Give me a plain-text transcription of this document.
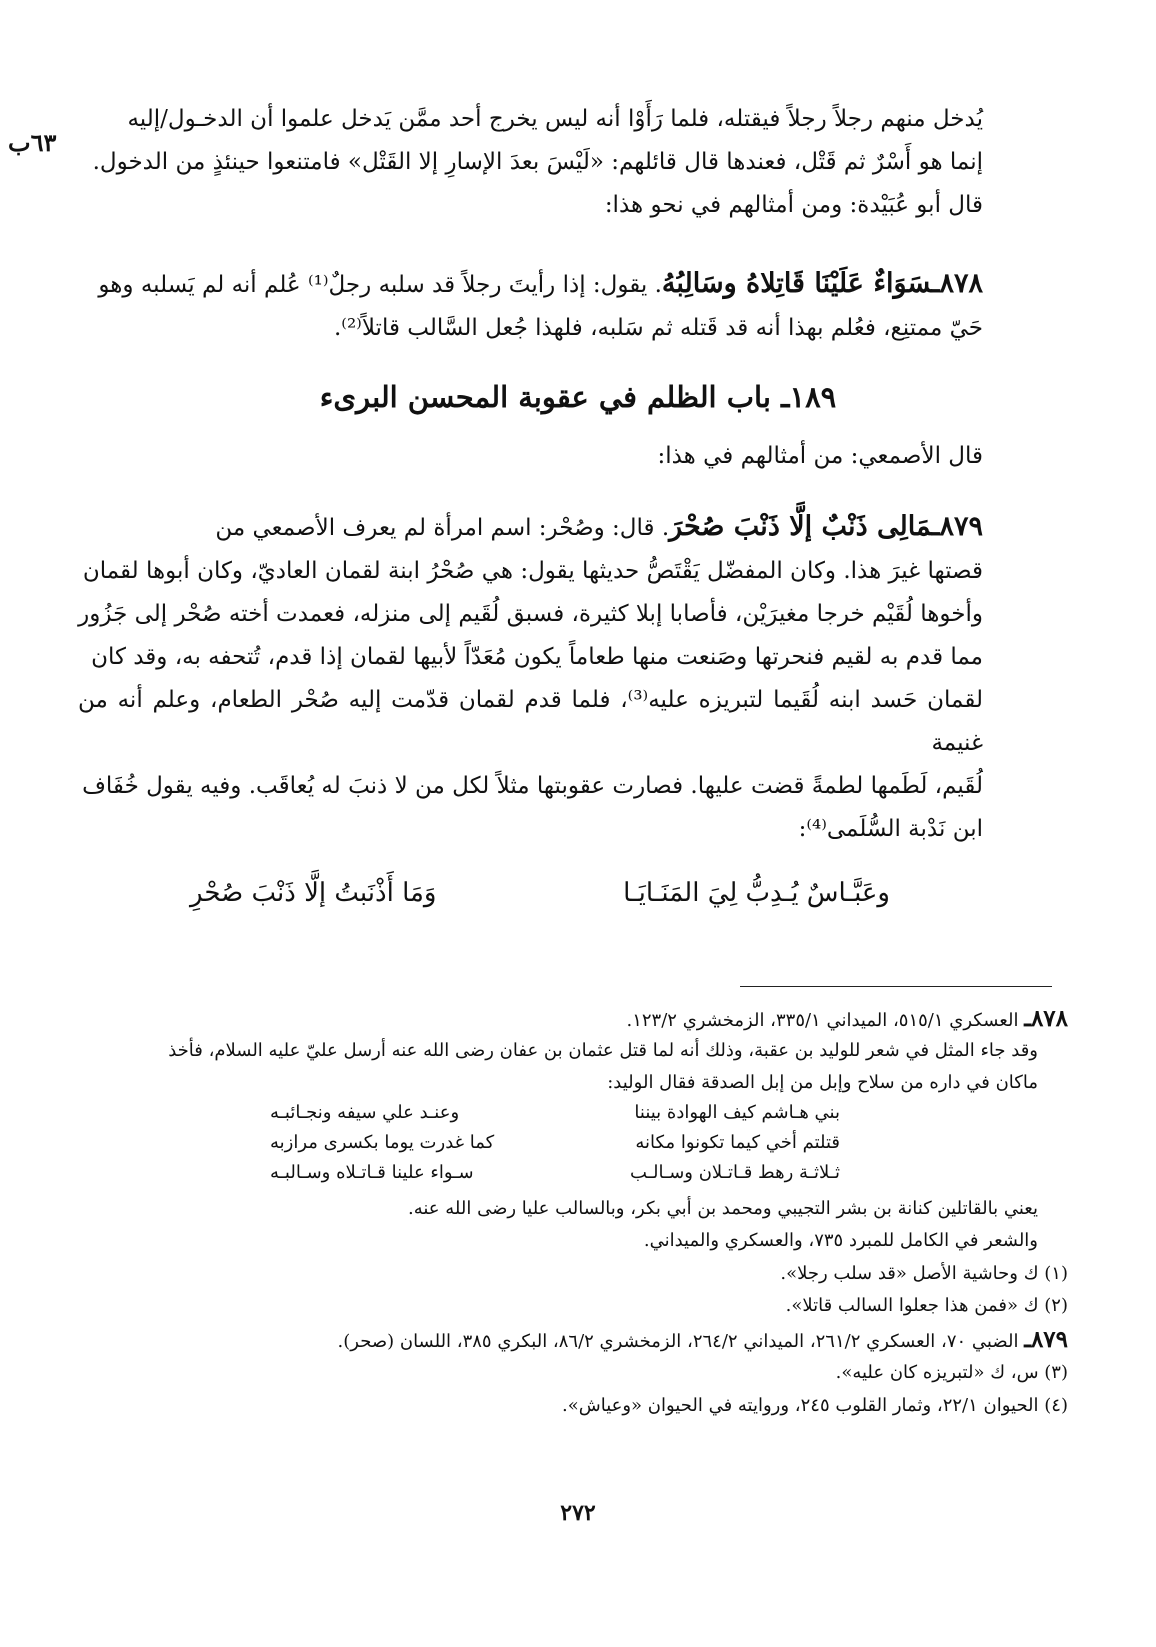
٦٣ب
يُدخل منهم رجلاً رجلاً فيقتله، فلما رَأَوْا أنه ليس يخرج أحد ممَّن يَدخل علموا أن الدخـول/إليه
إنما هو أَسْرٌ ثم قَتْل، فعندها قال قائلهم: «لَيْسَ بعدَ الإسارِ إلا القَتْل» فامتنعوا حينئذٍ من الدخول.
قال أبو عُبَيْدة: ومن أمثالهم في نحو هذا:
٨٧٨ـسَوَاءٌ عَلَيْنَا قَاتِلاهُ وسَالِبُهُ. يقول: إذا رأيتَ رجلاً قد سلبه رجلٌ⁽¹⁾ عُلم أنه لم يَسلبه وهو
حَيّ ممتنِع، فعُلم بهذا أنه قد قَتله ثم سَلبه، فلهذا جُعل السَّالب قاتلاً⁽²⁾.
١٨٩ـ باب الظلم في عقوبة المحسن البرىء
قال الأصمعي: من أمثالهم في هذا:
٨٧٩ـمَالِى ذَنْبٌ إلَّا ذَنْبَ صُحْرَ. قال: وصُحْر: اسم امرأة لم يعرف الأصمعي من
قصتها غيرَ هذا. وكان المفضّل يَقْتَصُّ حديثها يقول: هي صُحْرُ ابنة لقمان العاديّ، وكان أبوها لقمان
وأخوها لُقَيْم خرجا مغيرَيْن، فأصابا إبلا كثيرة، فسبق لُقَيم إلى منزله، فعمدت أخته صُحْر إلى جَزُور
مما قدم به لقيم فنحرتها وصَنعت منها طعاماً يكون مُعَدّاً لأبيها لقمان إذا قدم، تُتحفه به، وقد كان
لقمان حَسد ابنه لُقَيما لتبريزه عليه⁽³⁾، فلما قدم لقمان قدّمت إليه صُحْر الطعام، وعلم أنه من غنيمة
لُقَيم، لَطَمها لطمةً قضت عليها. فصارت عقوبتها مثلاً لكل من لا ذنبَ له يُعاقَب. وفيه يقول خُفَاف
ابن نَدْبة السُّلَمى⁽⁴⁾:
وعَبَّـاسٌ يُـدِبُّ لِيَ المَنَـايَـا
وَمَا أَذْنَبتُ إلَّا ذَنْبَ صُحْرِ
٨٧٨ـ العسكري ٥١٥/١، الميداني ٣٣٥/١، الزمخشري ١٢٣/٢.
وقد جاء المثل في شعر للوليد بن عقبة، وذلك أنه لما قتل عثمان بن عفان رضى الله عنه أرسل عليّ عليه السلام، فأخذ
ماكان في داره من سلاح وإبل من إبل الصدقة فقال الوليد:
بني هـاشم كيف الهوادة بيننا
وعنـد علي سيفه ونجـائبـه
قتلتم أخي كيما تكونوا مكانه
كما غدرت يوما بكسرى مرازبه
ثـلاثـة رهط قـاتـلان وسـالـب
سـواء علينا قـاتـلاه وسـالبـه
يعني بالقاتلين كنانة بن بشر التجيبي ومحمد بن أبي بكر، وبالسالب عليا رضى الله عنه.
والشعر في الكامل للمبرد ٧٣٥، والعسكري والميداني.
(١) ك وحاشية الأصل «قد سلب رجلا».
(٢) ك «فمن هذا جعلوا السالب قاتلا».
٨٧٩ـ الضبي ٧٠، العسكري ٢٦١/٢، الميداني ٢٦٤/٢، الزمخشري ٨٦/٢، البكري ٣٨٥، اللسان (صحر).
(٣) س، ك «لتبريزه كان عليه».
(٤) الحيوان ٢٢/١، وثمار القلوب ٢٤٥، وروايته في الحيوان «وعياش».
٢٧٢
